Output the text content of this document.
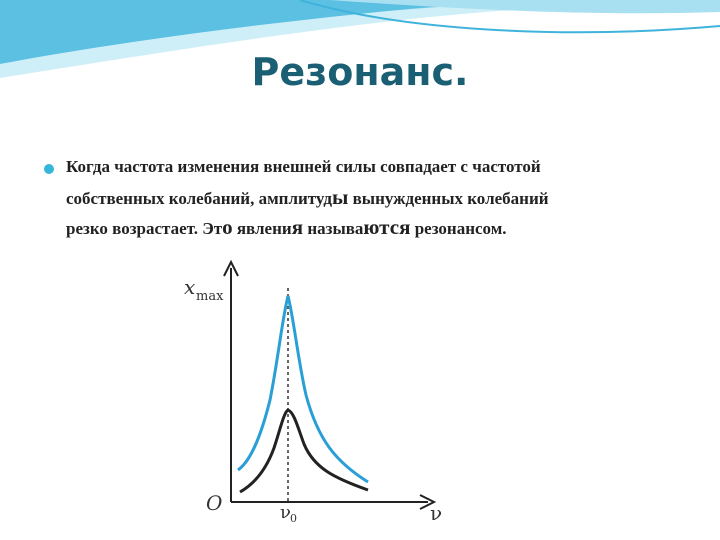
Резонанс.
Когда частота изменения внешней силы совпадает с частотой
собственных колебаний, амплитуды вынужденных колебаний
резко возрастает. Это явления называются резонансом.
x max
O	ν 0	ν
